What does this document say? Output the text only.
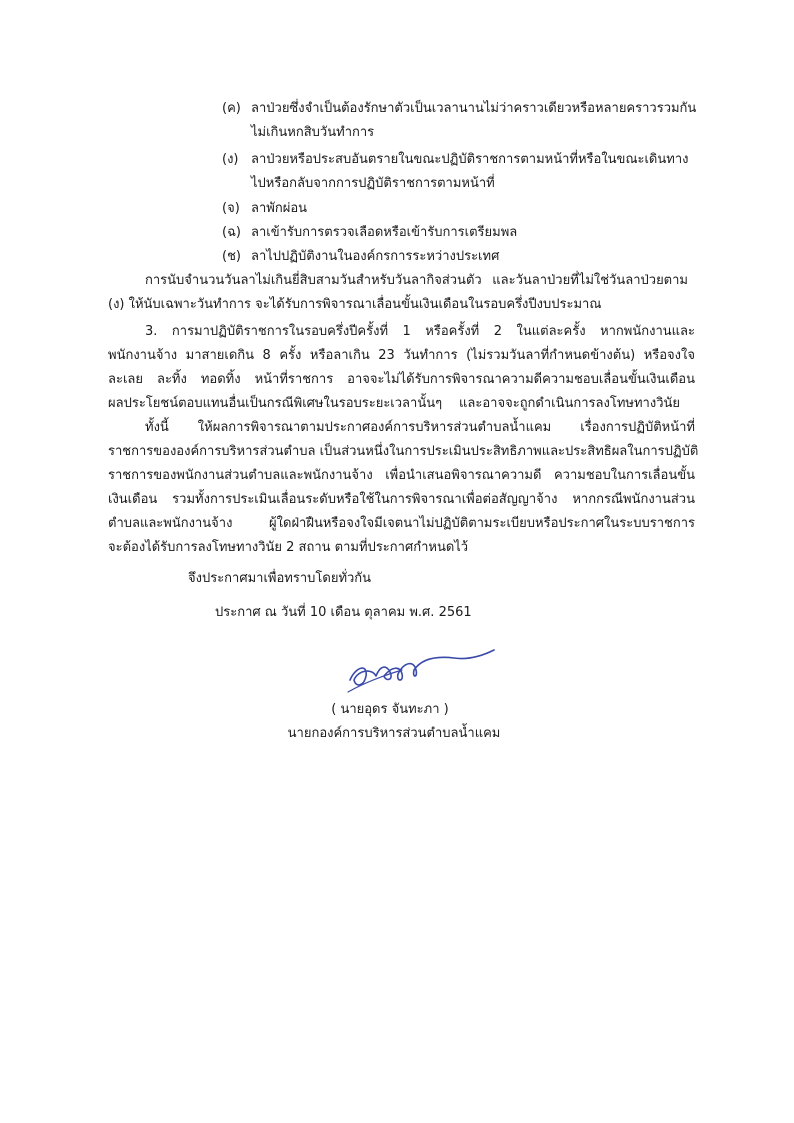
(ค) ลาป่วยซึ่งจำเป็นต้องรักษาตัวเป็นเวลานานไม่ว่าคราวเดียวหรือหลายคราวรวมกัน
ไม่เกินหกสิบวันทำการ
(ง) ลาป่วยหรือประสบอันตรายในขณะปฏิบัติราชการตามหน้าที่หรือในขณะเดินทาง
ไปหรือกลับจากการปฏิบัติราชการตามหน้าที่
(จ) ลาพักผ่อน
(ฉ) ลาเข้ารับการตรวจเลือดหรือเข้ารับการเตรียมพล
(ช) ลาไปปฏิบัติงานในองค์กรการระหว่างประเทศ
การนับจำนวนวันลาไม่เกินยี่สิบสามวันสำหรับวันลากิจส่วนตัว และวันลาป่วยที่ไม่ใช่วันลาป่วยตาม
(ง) ให้นับเฉพาะวันทำการ จะได้รับการพิจารณาเลื่อนขั้นเงินเดือนในรอบครึ่งปีงบประมาณ
3. การมาปฏิบัติราชการในรอบครึ่งปีครั้งที่ 1 หรือครั้งที่ 2 ในแต่ละครั้ง หากพนักงานและ
พนักงานจ้าง มาสายเดกิน 8 ครั้ง หรือลาเกิน 23 วันทำการ (ไม่รวมวันลาที่กำหนดข้างต้น) หรือจงใจ
ละเลย ละทิ้ง ทอดทิ้ง หน้าที่ราชการ อาจจะไม่ได้รับการพิจารณาความดีความชอบเลื่อนขั้นเงินเดือน
ผลประโยชน์ตอบแทนอื่นเป็นกรณีพิเศษในรอบระยะเวลานั้นๆ และอาจจะถูกดำเนินการลงโทษทางวินัย
ทั้งนี้ ให้ผลการพิจารณาตามประกาศองค์การบริหารส่วนตำบลน้ำแคม เรื่องการปฏิบัติหน้าที่
ราชการขององค์การบริหารส่วนตำบล เป็นส่วนหนึ่งในการประเมินประสิทธิภาพและประสิทธิผลในการปฏิบัติ
ราชการของพนักงานส่วนตำบลและพนักงานจ้าง เพื่อนำเสนอพิจารณาความดี ความชอบในการเลื่อนขั้น
เงินเดือน รวมทั้งการประเมินเลื่อนระดับหรือใช้ในการพิจารณาเพื่อต่อสัญญาจ้าง หากกรณีพนักงานส่วน
ตำบลและพนักงานจ้าง ผู้ใดฝ่าฝืนหรือจงใจมีเจตนาไม่ปฏิบัติตามระเบียบหรือประกาศในระบบราชการ
จะต้องได้รับการลงโทษทางวินัย 2 สถาน ตามที่ประกาศกำหนดไว้
จึงประกาศมาเพื่อทราบโดยทั่วกัน
ประกาศ ณ วันที่ 10 เดือน ตุลาคม พ.ศ. 2561
( นายอุดร จันทะภา )
นายกองค์การบริหารส่วนตำบลน้ำแคม
